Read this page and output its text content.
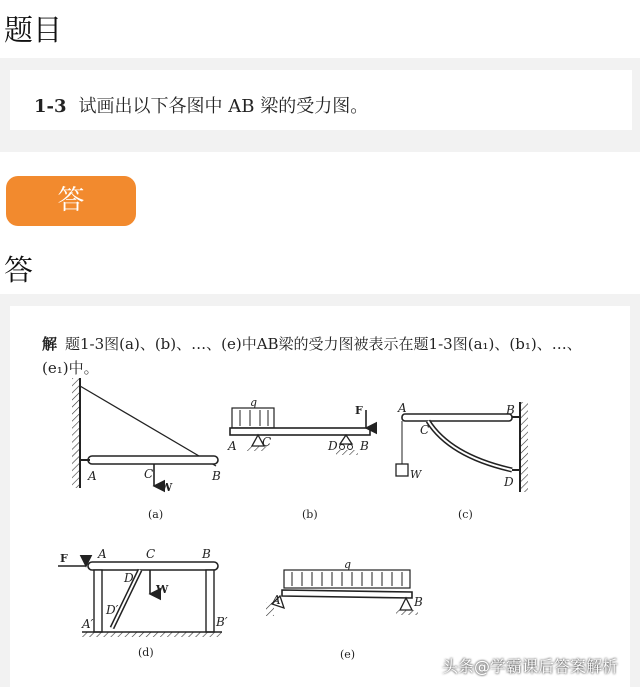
题目
1-3 试画出以下各图中 AB 梁的受力图。
答
答
解 题1-3图(a)、(b)、…、(e)中AB梁的受力图被表示在题1-3图(a₁)、(b₁)、…、(e₁)中。
A	B
C
W
(a)
q
F
A C	D B
(b)
A	B
C
D
W
(c)
F	A	C	B
D
W
D′
A′	B′
(d)
q
A	B
(e)
头条@学霸课后答案解析
